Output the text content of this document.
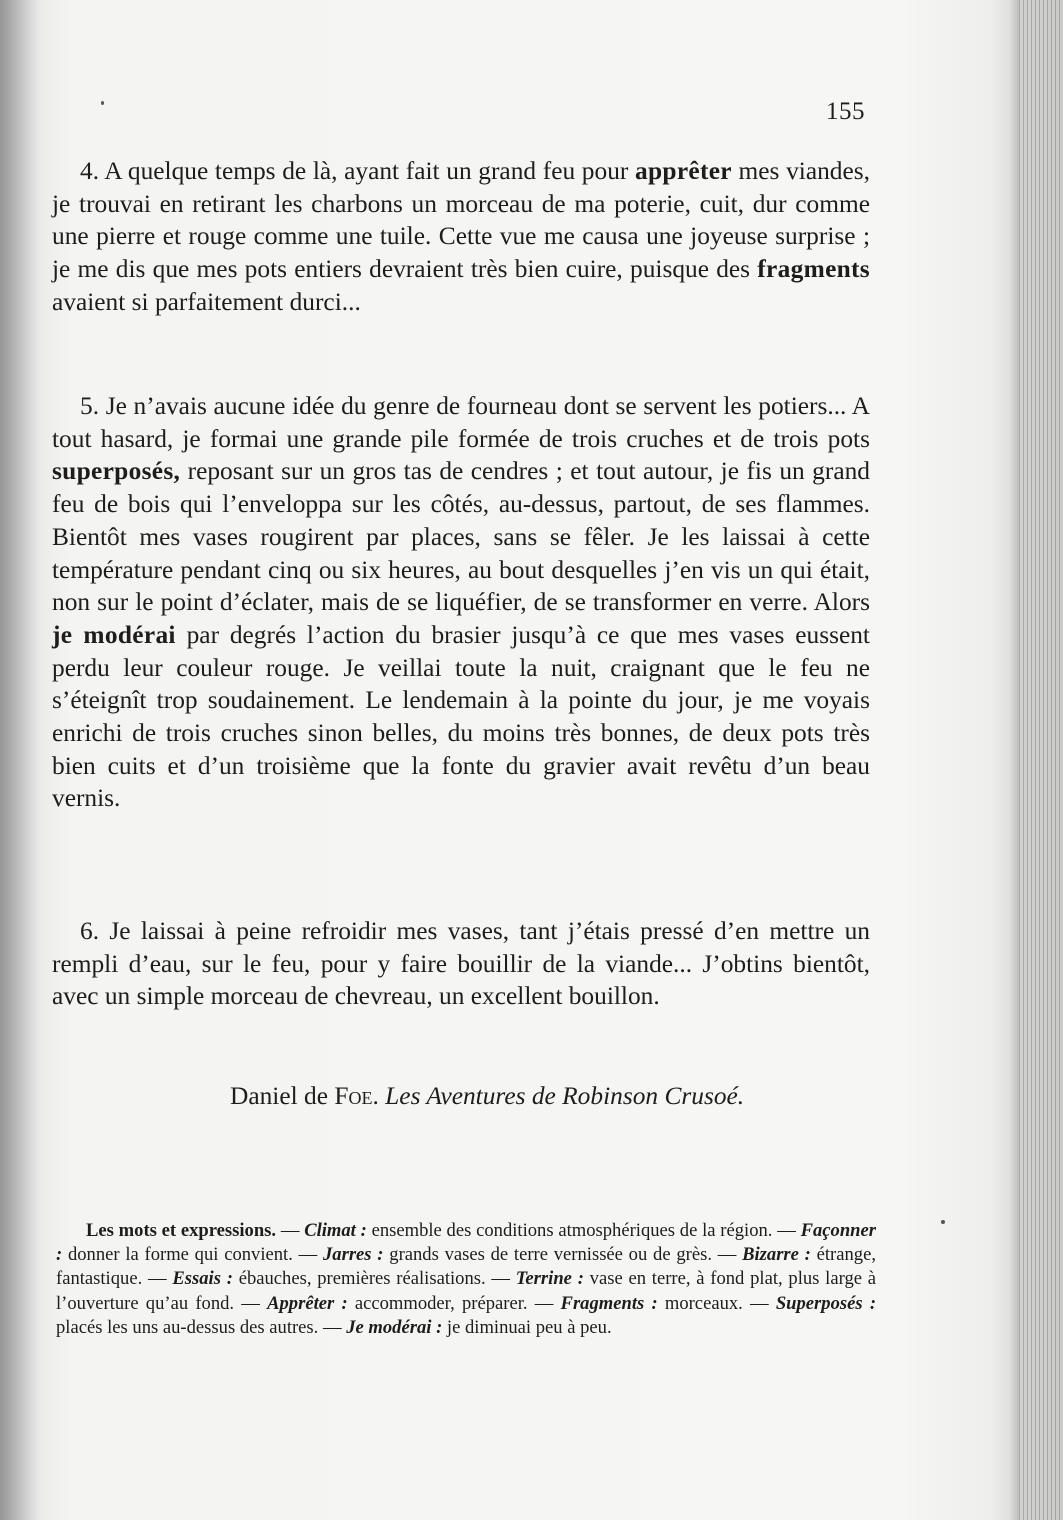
155

4. A quelque temps de là, ayant fait un grand feu pour apprêter mes viandes, je trouvai en retirant les charbons un morceau de ma poterie, cuit, dur comme une pierre et rouge comme une tuile. Cette vue me causa une joyeuse surprise ; je me dis que mes pots entiers devraient très bien cuire, puisque des fragments avaient si parfaitement durci...

5. Je n’avais aucune idée du genre de fourneau dont se servent les potiers... A tout hasard, je formai une grande pile formée de trois cruches et de trois pots superposés, reposant sur un gros tas de cendres ; et tout autour, je fis un grand feu de bois qui l’enveloppa sur les côtés, au-dessus, partout, de ses flammes. Bientôt mes vases rougirent par places, sans se fêler. Je les laissai à cette température pendant cinq ou six heures, au bout desquelles j’en vis un qui était, non sur le point d’éclater, mais de se liquéfier, de se transformer en verre. Alors je modérai par degrés l’action du brasier jusqu’à ce que mes vases eussent perdu leur couleur rouge. Je veillai toute la nuit, craignant que le feu ne s’éteignît trop soudainement. Le lendemain à la pointe du jour, je me voyais enrichi de trois cruches sinon belles, du moins très bonnes, de deux pots très bien cuits et d’un troisième que la fonte du gravier avait revêtu d’un beau vernis.

6. Je laissai à peine refroidir mes vases, tant j’étais pressé d’en mettre un rempli d’eau, sur le feu, pour y faire bouillir de la viande... J’obtins bientôt, avec un simple morceau de chevreau, un excellent bouillon.

Daniel de Foe. Les Aventures de Robinson Crusoé.

Les mots et expressions. — Climat : ensemble des conditions atmosphériques de la région. — Façonner : donner la forme qui convient. — Jarres : grands vases de terre vernissée ou de grès. — Bizarre : étrange, fantastique. — Essais : ébauches, premières réalisations. — Terrine : vase en terre, à fond plat, plus large à l’ouverture qu’au fond. — Apprêter : accommoder, préparer. — Fragments : morceaux. — Superposés : placés les uns au-dessus des autres. — Je modérai : je diminuai peu à peu.
